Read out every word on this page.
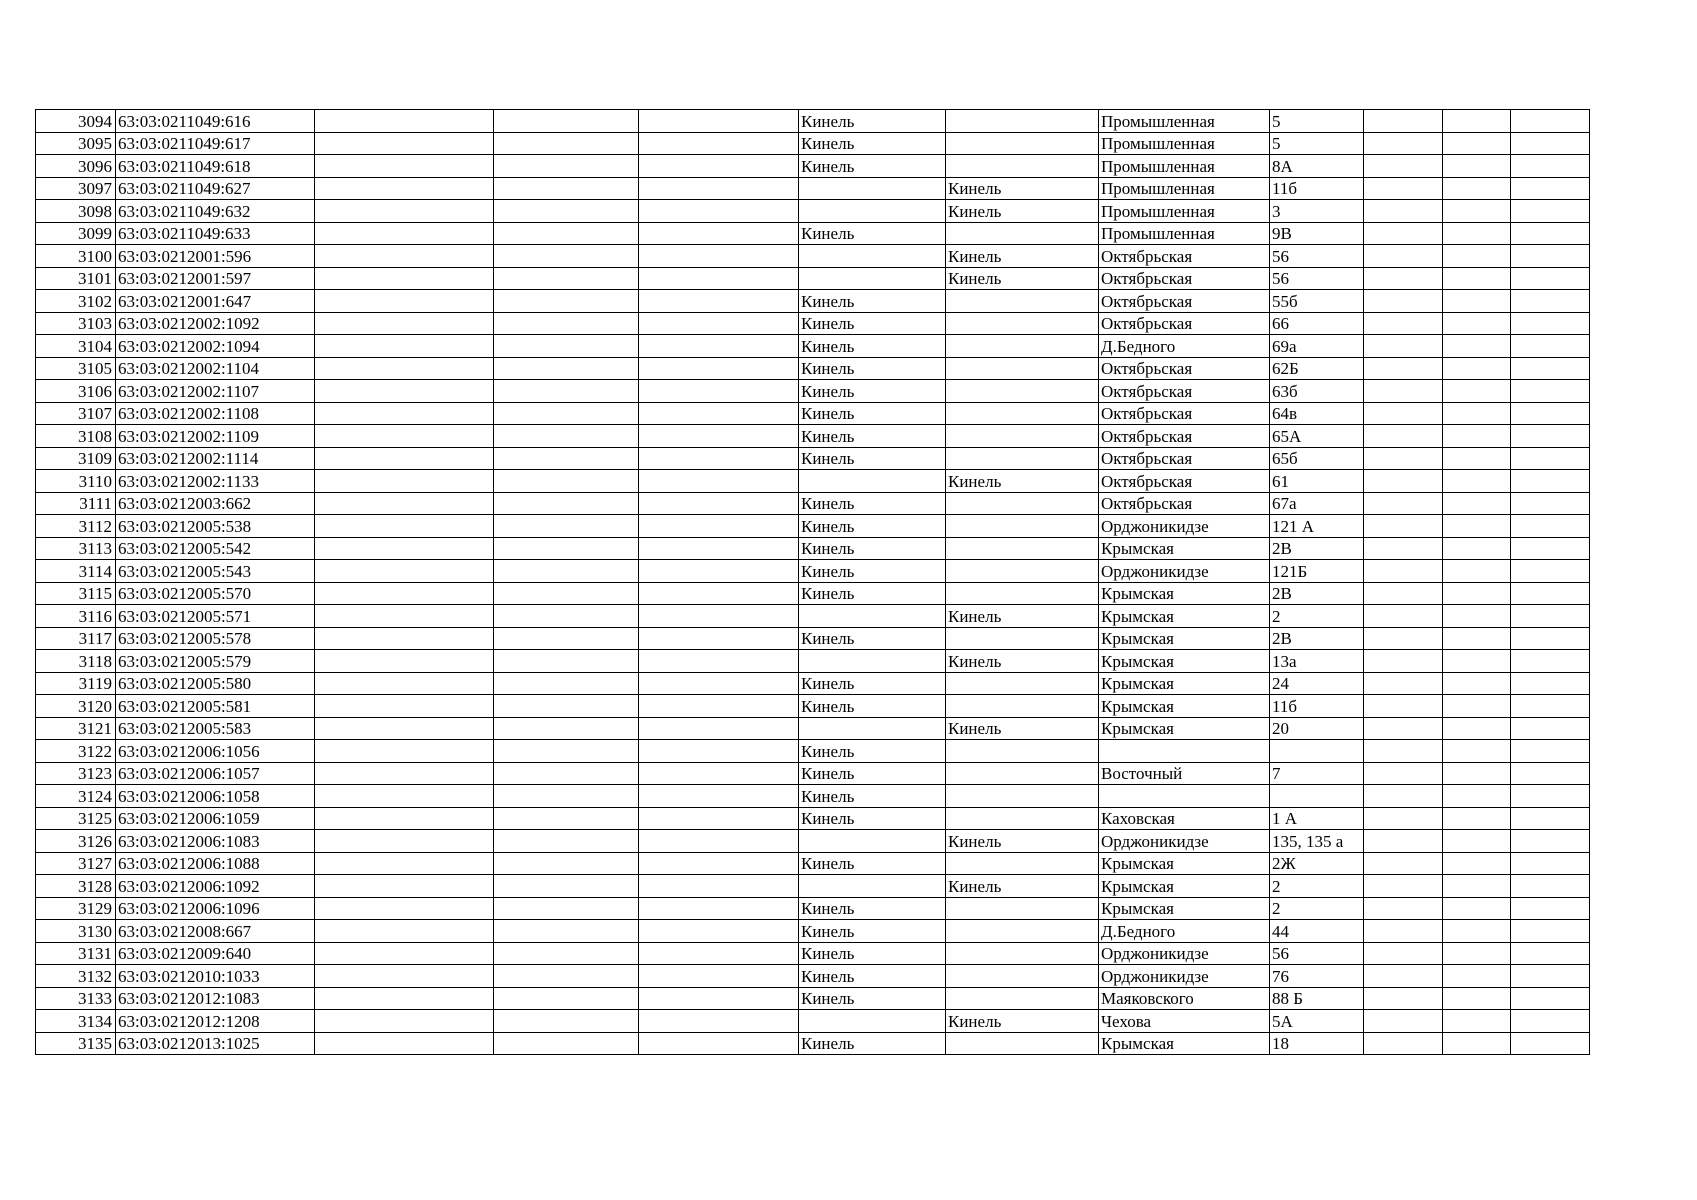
3094	63:03:0211049:616				Кинель		Промышленная	5			
3095	63:03:0211049:617				Кинель		Промышленная	5			
3096	63:03:0211049:618				Кинель		Промышленная	8А			
3097	63:03:0211049:627					Кинель	Промышленная	11б			
3098	63:03:0211049:632					Кинель	Промышленная	3			
3099	63:03:0211049:633				Кинель		Промышленная	9В			
3100	63:03:0212001:596					Кинель	Октябрьская	56			
3101	63:03:0212001:597					Кинель	Октябрьская	56			
3102	63:03:0212001:647				Кинель		Октябрьская	55б			
3103	63:03:0212002:1092				Кинель		Октябрьская	66			
3104	63:03:0212002:1094				Кинель		Д.Бедного	69а			
3105	63:03:0212002:1104				Кинель		Октябрьская	62Б			
3106	63:03:0212002:1107				Кинель		Октябрьская	63б			
3107	63:03:0212002:1108				Кинель		Октябрьская	64в			
3108	63:03:0212002:1109				Кинель		Октябрьская	65А			
3109	63:03:0212002:1114				Кинель		Октябрьская	65б			
3110	63:03:0212002:1133					Кинель	Октябрьская	61			
3111	63:03:0212003:662				Кинель		Октябрьская	67а			
3112	63:03:0212005:538				Кинель		Орджоникидзе	121 А			
3113	63:03:0212005:542				Кинель		Крымская	2В			
3114	63:03:0212005:543				Кинель		Орджоникидзе	121Б			
3115	63:03:0212005:570				Кинель		Крымская	2В			
3116	63:03:0212005:571					Кинель	Крымская	2			
3117	63:03:0212005:578				Кинель		Крымская	2В			
3118	63:03:0212005:579					Кинель	Крымская	13а			
3119	63:03:0212005:580				Кинель		Крымская	24			
3120	63:03:0212005:581				Кинель		Крымская	11б			
3121	63:03:0212005:583					Кинель	Крымская	20			
3122	63:03:0212006:1056				Кинель						
3123	63:03:0212006:1057				Кинель		Восточный	7			
3124	63:03:0212006:1058				Кинель						
3125	63:03:0212006:1059				Кинель		Каховская	1 А			
3126	63:03:0212006:1083					Кинель	Орджоникидзе	135, 135 а			
3127	63:03:0212006:1088				Кинель		Крымская	2Ж			
3128	63:03:0212006:1092					Кинель	Крымская	2			
3129	63:03:0212006:1096				Кинель		Крымская	2			
3130	63:03:0212008:667				Кинель		Д.Бедного	44			
3131	63:03:0212009:640				Кинель		Орджоникидзе	56			
3132	63:03:0212010:1033				Кинель		Орджоникидзе	76			
3133	63:03:0212012:1083				Кинель		Маяковского	88 Б			
3134	63:03:0212012:1208					Кинель	Чехова	5А			
3135	63:03:0212013:1025				Кинель		Крымская	18			
